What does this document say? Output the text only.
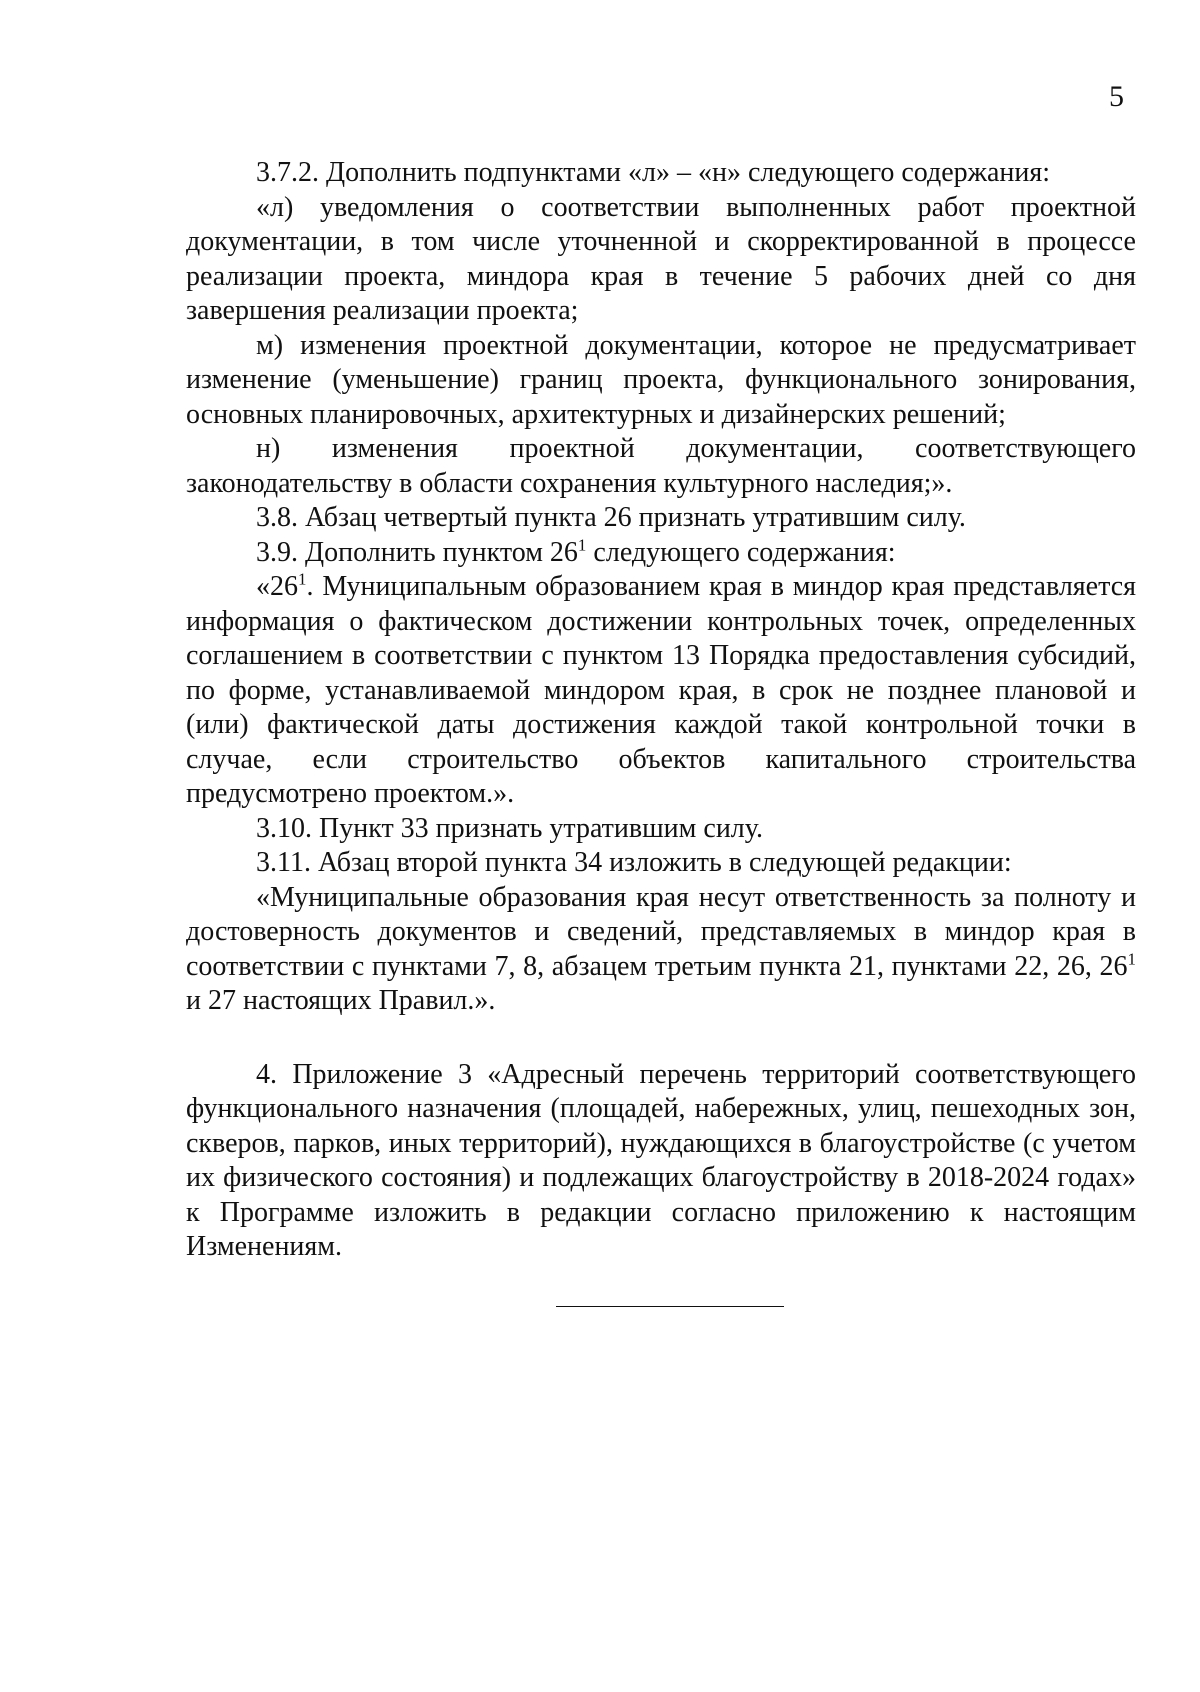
5

3.7.2. Дополнить подпунктами «л» – «н» следующего содержания:

«л) уведомления о соответствии выполненных работ проектной документации, в том числе уточненной и скорректированной в процессе реализации проекта, миндора края в течение 5 рабочих дней со дня завершения реализации проекта;

м) изменения проектной документации, которое не предусматривает изменение (уменьшение) границ проекта, функционального зонирования, основных планировочных, архитектурных и дизайнерских решений;

н) изменения проектной документации, соответствующего законодательству в области сохранения культурного наследия;».

3.8. Абзац четвертый пункта 26 признать утратившим силу.

3.9. Дополнить пунктом $26^1$ следующего содержания:

«$26^1$. Муниципальным образованием края в миндор края представляется информация о фактическом достижении контрольных точек, определенных соглашением в соответствии с пунктом 13 Порядка предоставления субсидий, по форме, устанавливаемой миндором края, в срок не позднее плановой и (или) фактической даты достижения каждой такой контрольной точки в случае, если строительство объектов капитального строительства предусмотрено проектом.».

3.10. Пункт 33 признать утратившим силу.

3.11. Абзац второй пункта 34 изложить в следующей редакции:

«Муниципальные образования края несут ответственность за полноту и достоверность документов и сведений, представляемых в миндор края в соответствии с пунктами 7, 8, абзацем третьим пункта 21, пунктами 22, 26, $26^1$ и 27 настоящих Правил.».

4. Приложение 3 «Адресный перечень территорий соответствующего функционального назначения (площадей, набережных, улиц, пешеходных зон, скверов, парков, иных территорий), нуждающихся в благоустройстве (с учетом их физического состояния) и подлежащих благоустройству в 2018-2024 годах» к Программе изложить в редакции согласно приложению к настоящим Изменениям.
